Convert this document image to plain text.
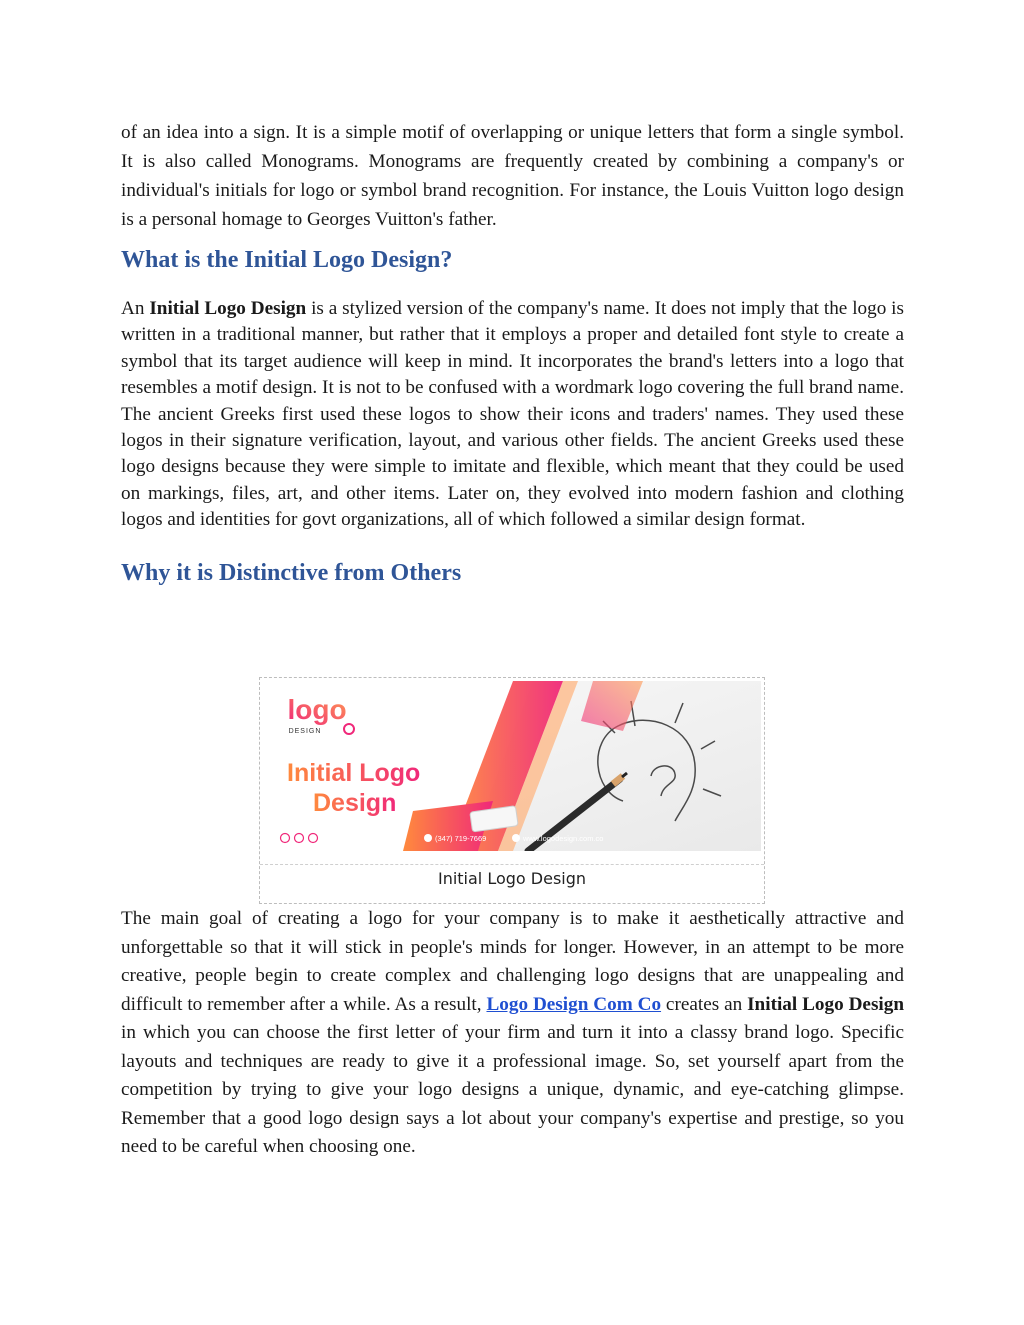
of an idea into a sign. It is a simple motif of overlapping or unique letters that form a single symbol. It is also called Monograms. Monograms are frequently created by combining a company's or individual's initials for logo or symbol brand recognition. For instance, the Louis Vuitton logo design is a personal homage to Georges Vuitton's father.

What is the Initial Logo Design?

An Initial Logo Design is a stylized version of the company's name. It does not imply that the logo is written in a traditional manner, but rather that it employs a proper and detailed font style to create a symbol that its target audience will keep in mind. It incorporates the brand's letters into a logo that resembles a motif design. It is not to be confused with a wordmark logo covering the full brand name. The ancient Greeks first used these logos to show their icons and traders' names. They used these logos in their signature verification, layout, and various other fields. The ancient Greeks used these logo designs because they were simple to imitate and flexible, which meant that they could be used on markings, files, art, and other items. Later on, they evolved into modern fashion and clothing logos and identities for govt organizations, all of which followed a similar design format.

Why it is Distinctive from Others
logo
DESIGN
Initial Logo
Design
(347) 719-7669	www.logodesign.com.co
Initial Logo Design

The main goal of creating a logo for your company is to make it aesthetically attractive and unforgettable so that it will stick in people's minds for longer. However, in an attempt to be more creative, people begin to create complex and challenging logo designs that are unappealing and difficult to remember after a while. As a result, Logo Design Com Co creates an Initial Logo Design in which you can choose the first letter of your firm and turn it into a classy brand logo. Specific layouts and techniques are ready to give it a professional image. So, set yourself apart from the competition by trying to give your logo designs a unique, dynamic, and eye-catching glimpse. Remember that a good logo design says a lot about your company's expertise and prestige, so you need to be careful when choosing one.
